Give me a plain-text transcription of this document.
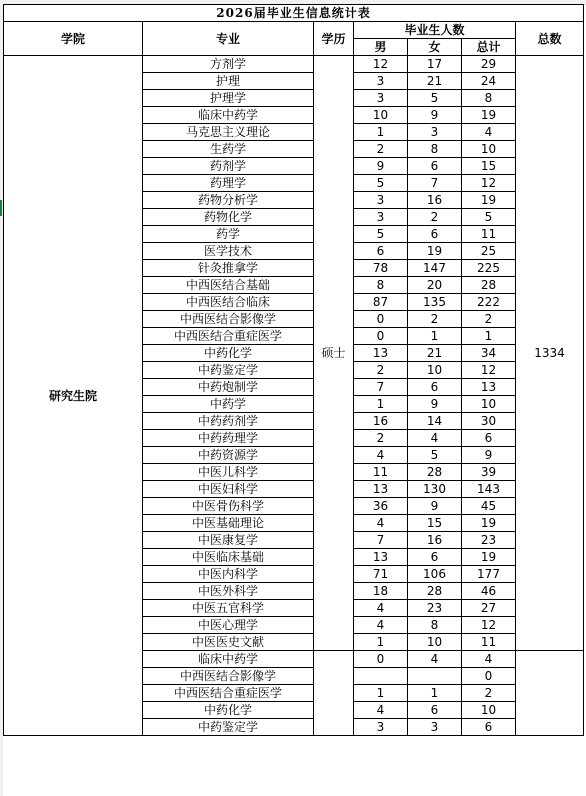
2026届毕业生信息统计表						
学院	专业	学历	毕业生人数			总数
			男	女	总计	
研究生院	方剂学	硕士	12	17	29	1334
	护理		3	21	24	
	护理学		3	5	8	
	临床中药学		10	9	19	
	马克思主义理论		1	3	4	
	生药学		2	8	10	
	药剂学		9	6	15	
	药理学		5	7	12	
	药物分析学		3	16	19	
	药物化学		3	2	5	
	药学		5	6	11	
	医学技术		6	19	25	
	针灸推拿学		78	147	225	
	中西医结合基础		8	20	28	
	中西医结合临床		87	135	222	
	中西医结合影像学		0	2	2	
	中西医结合重症医学		0	1	1	
	中药化学		13	21	34	
	中药鉴定学		2	10	12	
	中药炮制学		7	6	13	
	中药学		1	9	10	
	中药药剂学		16	14	30	
	中药药理学		2	4	6	
	中药资源学		4	5	9	
	中医儿科学		11	28	39	
	中医妇科学		13	130	143	
	中医骨伤科学		36	9	45	
	中医基础理论		4	15	19	
	中医康复学		7	16	23	
	中医临床基础		13	6	19	
	中医内科学		71	106	177	
	中医外科学		18	28	46	
	中医五官科学		4	23	27	
	中医心理学		4	8	12	
	中医医史文献		1	10	11	
	临床中药学		0	4	4	
	中西医结合影像学				0	
	中西医结合重症医学		1	1	2	
	中药化学		4	6	10	
	中药鉴定学		3	3	6	
